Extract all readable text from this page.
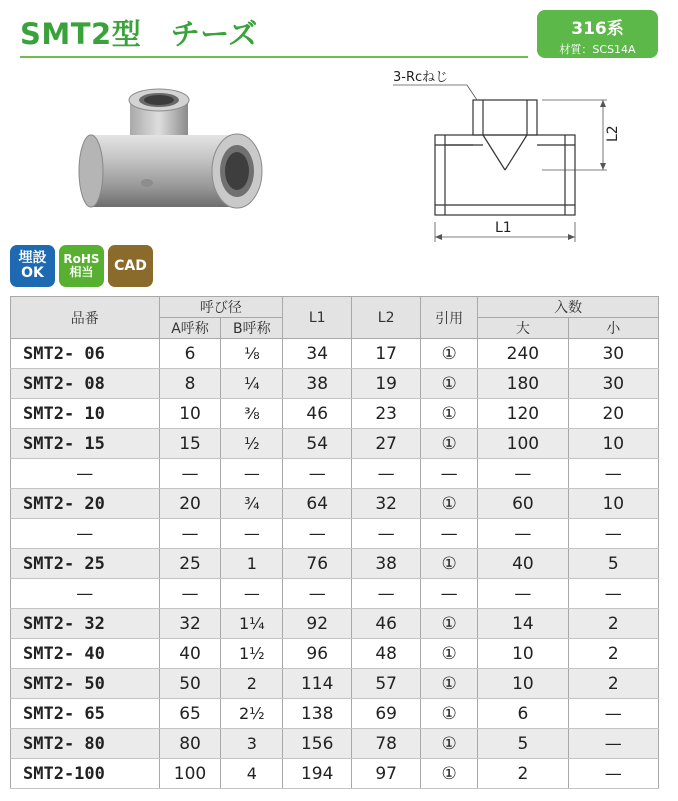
SMT2型　チーズ	316系
材質：SCS14A
3-Rcねじ
L1
L2
埋設
OK
RoHS
相当 CAD
品番	呼び径		L1	L2	引用	入数	
	A呼称	B呼称				大	小
SMT2- 06	6	⅛	34	17	①	240	30
SMT2- 08	8	¼	38	19	①	180	30
SMT2- 10	10	⅜	46	23	①	120	20
SMT2- 15	15	½	54	27	①	100	10
—	—	—	—	—	—	—	—
SMT2- 20	20	¾	64	32	①	60	10
—	—	—	—	—	—	—	—
SMT2- 25	25	1	76	38	①	40	5
—	—	—	—	—	—	—	—
SMT2- 32	32	1¼	92	46	①	14	2
SMT2- 40	40	1½	96	48	①	10	2
SMT2- 50	50	2	114	57	①	10	2
SMT2- 65	65	2½	138	69	①	6	—
SMT2- 80	80	3	156	78	①	5	—
SMT2-100	100	4	194	97	①	2	—
